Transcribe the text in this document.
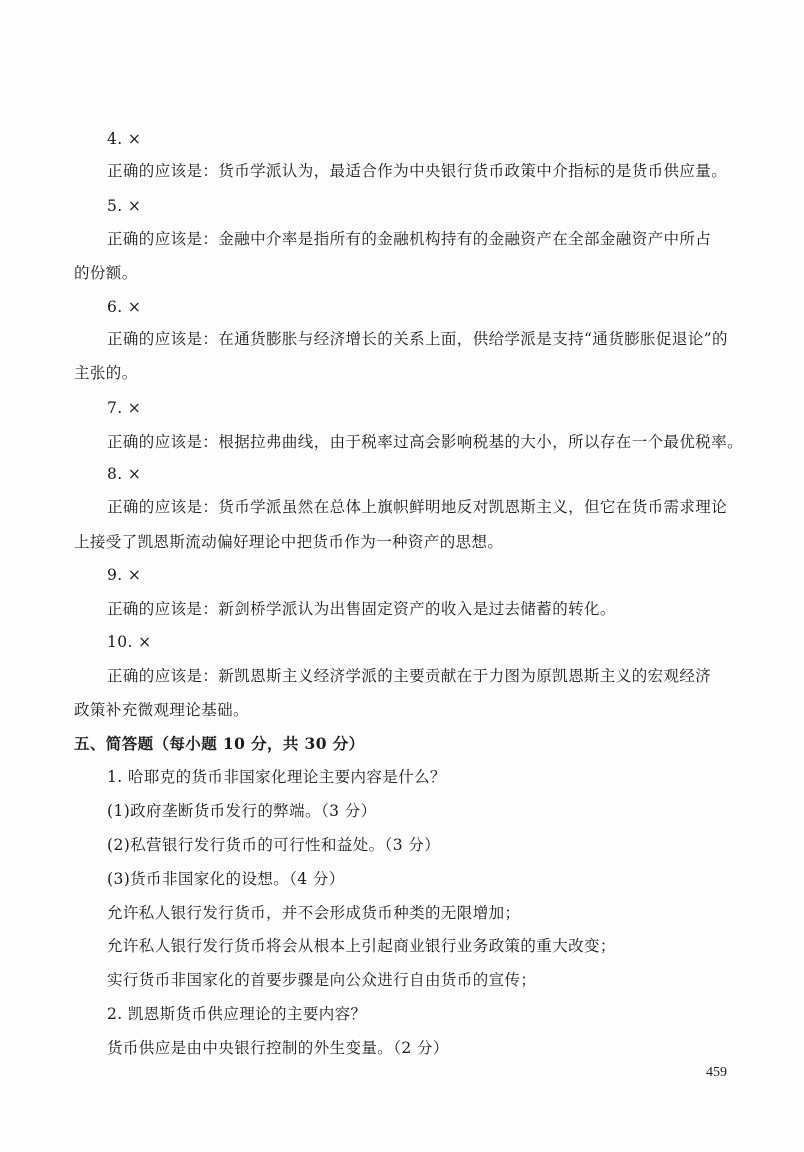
4. ×
正确的应该是：货币学派认为，最适合作为中央银行货币政策中介指标的是货币供应量。
5. ×
正确的应该是：金融中介率是指所有的金融机构持有的金融资产在全部金融资产中所占
的份额。
6. ×
正确的应该是：在通货膨胀与经济增长的关系上面，供给学派是支持“通货膨胀促退论”的
主张的。
7. ×
正确的应该是：根据拉弗曲线，由于税率过高会影响税基的大小，所以存在一个最优税率。
8. ×
正确的应该是：货币学派虽然在总体上旗帜鲜明地反对凯恩斯主义，但它在货币需求理论
上接受了凯恩斯流动偏好理论中把货币作为一种资产的思想。
9. ×
正确的应该是：新剑桥学派认为出售固定资产的收入是过去储蓄的转化。
10. ×
正确的应该是：新凯恩斯主义经济学派的主要贡献在于力图为原凯恩斯主义的宏观经济
政策补充微观理论基础。
五、简答题（每小题 10 分，共 30 分）
1. 哈耶克的货币非国家化理论主要内容是什么？
(1)政府垄断货币发行的弊端。（3 分）
(2)私营银行发行货币的可行性和益处。（3 分）
(3)货币非国家化的设想。（4 分）
允许私人银行发行货币，并不会形成货币种类的无限增加；
允许私人银行发行货币将会从根本上引起商业银行业务政策的重大改变；
实行货币非国家化的首要步骤是向公众进行自由货币的宣传；
2. 凯恩斯货币供应理论的主要内容？
货币供应是由中央银行控制的外生变量。（2 分）
459
